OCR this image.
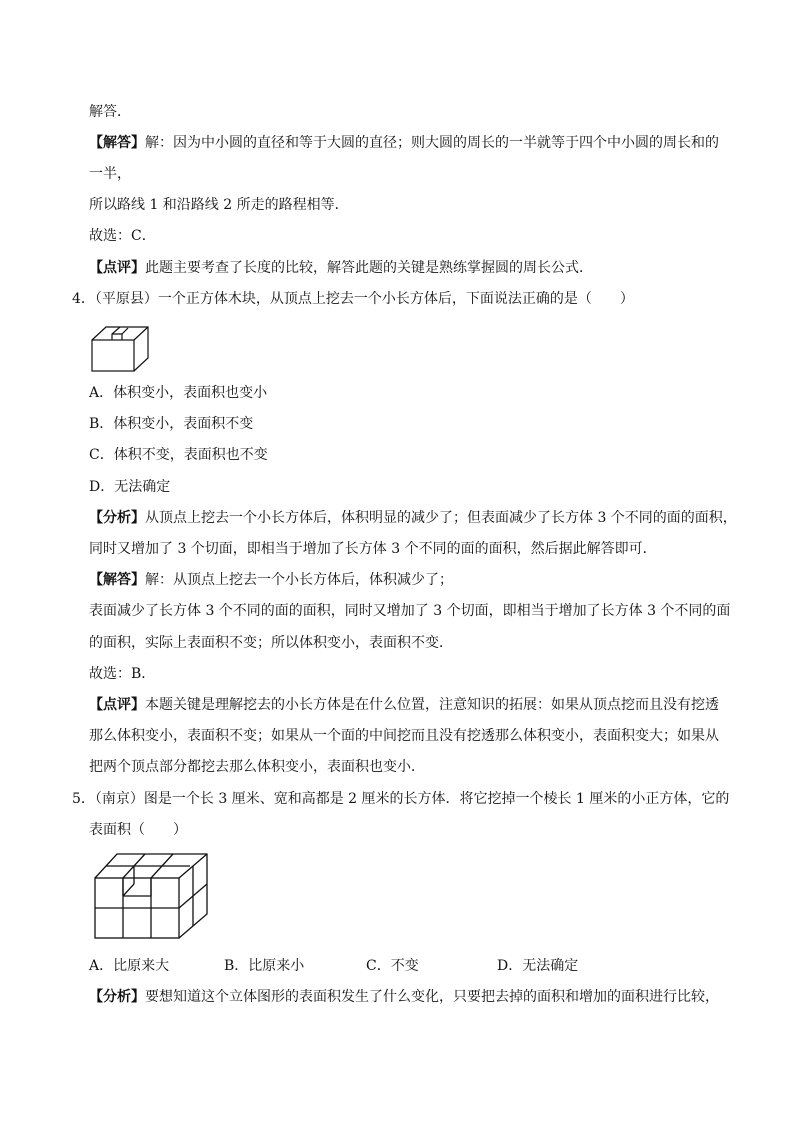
解答．
【解答】解：因为中小圆的直径和等于大圆的直径；则大圆的周长的一半就等于四个中小圆的周长和的
一半，
所以路线 1 和沿路线 2 所走的路程相等．
故选：C．
【点评】此题主要考查了长度的比较，解答此题的关键是熟练掌握圆的周长公式．
4．（平原县）一个正方体木块，从顶点上挖去一个小长方体后，下面说法正确的是（　　）
A．体积变小，表面积也变小
B．体积变小，表面积不变
C．体积不变，表面积也不变
D．无法确定
【分析】从顶点上挖去一个小长方体后，体积明显的减少了；但表面减少了长方体 3 个不同的面的面积，
同时又增加了 3 个切面，即相当于增加了长方体 3 个不同的面的面积，然后据此解答即可．
【解答】解：从顶点上挖去一个小长方体后，体积减少了；
表面减少了长方体 3 个不同的面的面积，同时又增加了 3 个切面，即相当于增加了长方体 3 个不同的面
的面积，实际上表面积不变；所以体积变小，表面积不变．
故选：B．
【点评】本题关键是理解挖去的小长方体是在什么位置，注意知识的拓展：如果从顶点挖而且没有挖透
那么体积变小，表面积不变；如果从一个面的中间挖而且没有挖透那么体积变小，表面积变大；如果从
把两个顶点部分都挖去那么体积变小，表面积也变小．
5．（南京）图是一个长 3 厘米、宽和高都是 2 厘米的长方体．将它挖掉一个棱长 1 厘米的小正方体，它的
表面积（　　）
A．比原来大	B．比原来小	C．不变	D．无法确定
【分析】要想知道这个立体图形的表面积发生了什么变化，只要把去掉的面积和增加的面积进行比较，
